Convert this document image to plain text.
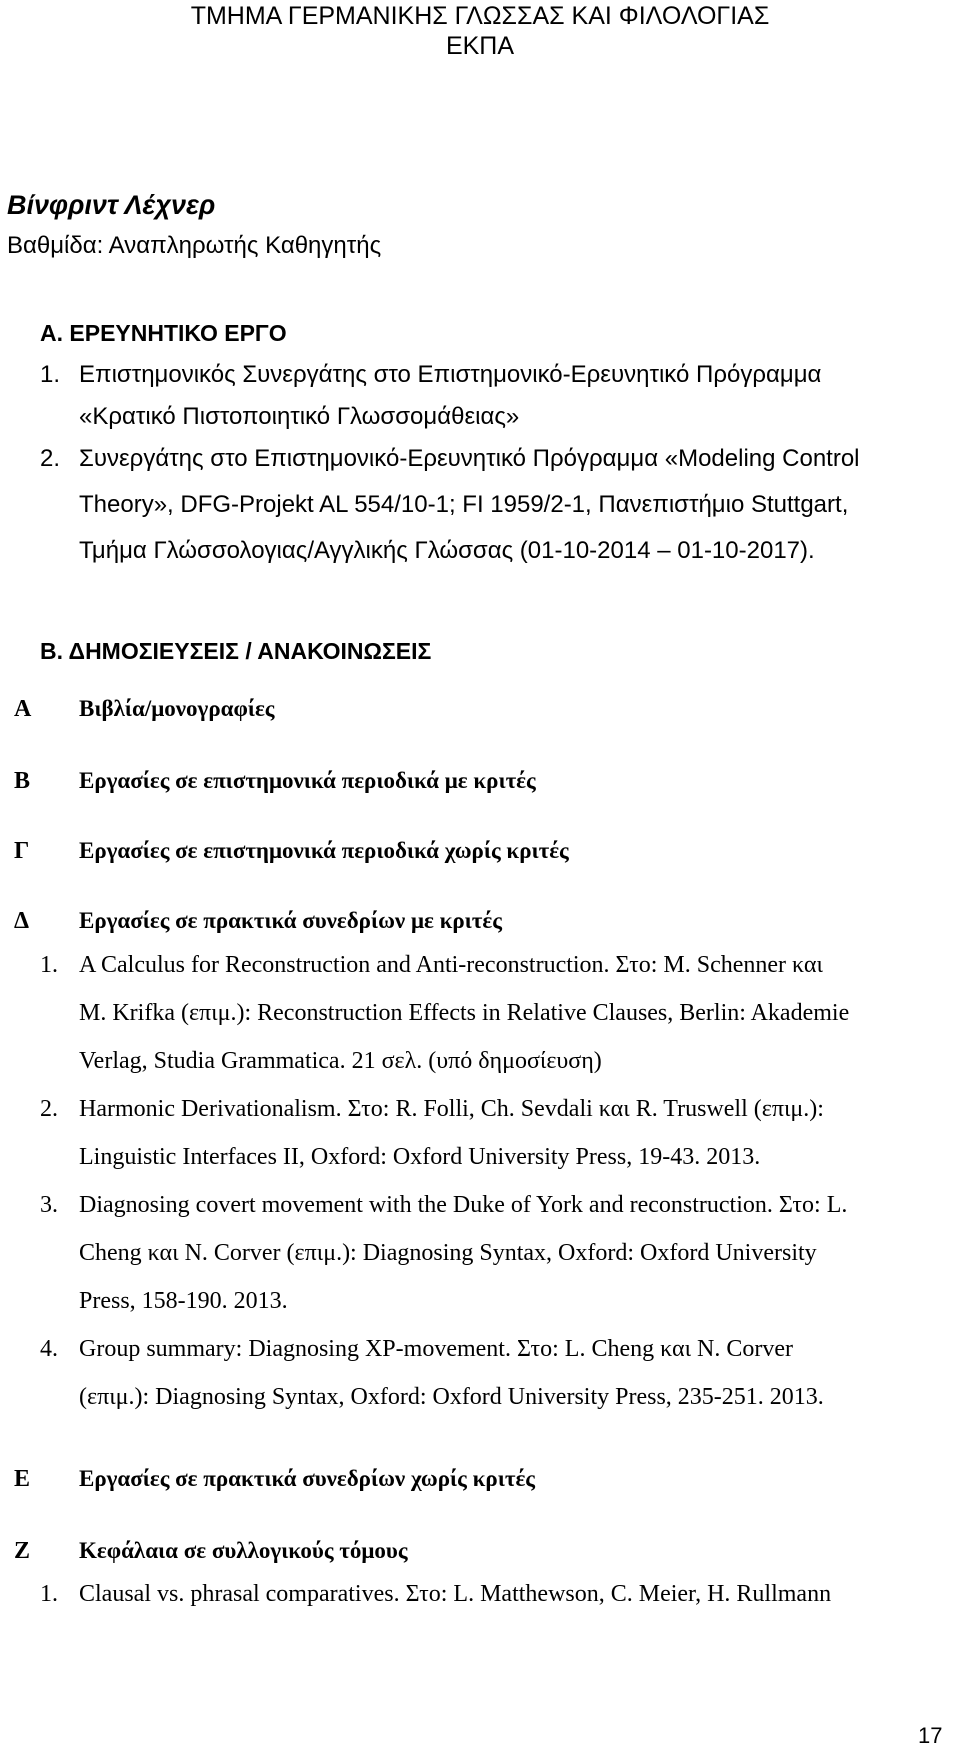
ΤΜΗΜΑ ΓΕΡΜΑΝΙΚΗΣ ΓΛΩΣΣΑΣ ΚΑΙ ΦΙΛΟΛΟΓΙΑΣ
ΕΚΠΑ
Βίνφριντ Λέχνερ
Βαθμίδα: Αναπληρωτής Καθηγητής
Α. ΕΡΕΥΝΗΤΙΚΟ ΕΡΓΟ
1. Επιστημονικός Συνεργάτης στο Επιστημονικό-Ερευνητικό Πρόγραμμα
«Κρατικό Πιστοποιητικό Γλωσσομάθειας»
2. Συνεργάτης στο Επιστημονικό-Ερευνητικό Πρόγραμμα «Modeling Control
Theory», DFG-Projekt AL 554/10-1; FI 1959/2-1, Πανεπιστήμιο Stuttgart,
Τμήμα Γλώσσολογιας/Αγγλικής Γλώσσας (01-10-2014 – 01-10-2017).
Β. ΔΗΜΟΣΙΕΥΣΕΙΣ / ΑΝΑΚΟΙΝΩΣΕΙΣ
Α Βιβλία/μονογραφίες
Β Εργασίες σε επιστημονικά περιοδικά με κριτές
Γ Εργασίες σε επιστημονικά περιοδικά χωρίς κριτές
Δ Εργασίες σε πρακτικά συνεδρίων με κριτές
1. A Calculus for Reconstruction and Anti-reconstruction. Στο: M. Schenner και
M. Krifka (επιμ.): Reconstruction Effects in Relative Clauses, Berlin: Akademie
Verlag, Studia Grammatica. 21 σελ. (υπό δημοσίευση)
2. Harmonic Derivationalism. Στο: R. Folli, Ch. Sevdali και R. Truswell (επιμ.):
Linguistic Interfaces II, Oxford: Oxford University Press, 19-43. 2013.
3. Diagnosing covert movement with the Duke of York and reconstruction. Στο: L.
Cheng και N. Corver (επιμ.): Diagnosing Syntax, Oxford: Oxford University
Press, 158-190. 2013.
4. Group summary: Diagnosing XP-movement. Στο: L. Cheng και N. Corver
(επιμ.): Diagnosing Syntax, Oxford: Oxford University Press, 235-251. 2013.
Ε Εργασίες σε πρακτικά συνεδρίων χωρίς κριτές
Ζ Κεφάλαια σε συλλογικούς τόμους
1. Clausal vs. phrasal comparatives. Στο: L. Matthewson, C. Meier, H. Rullmann
17
